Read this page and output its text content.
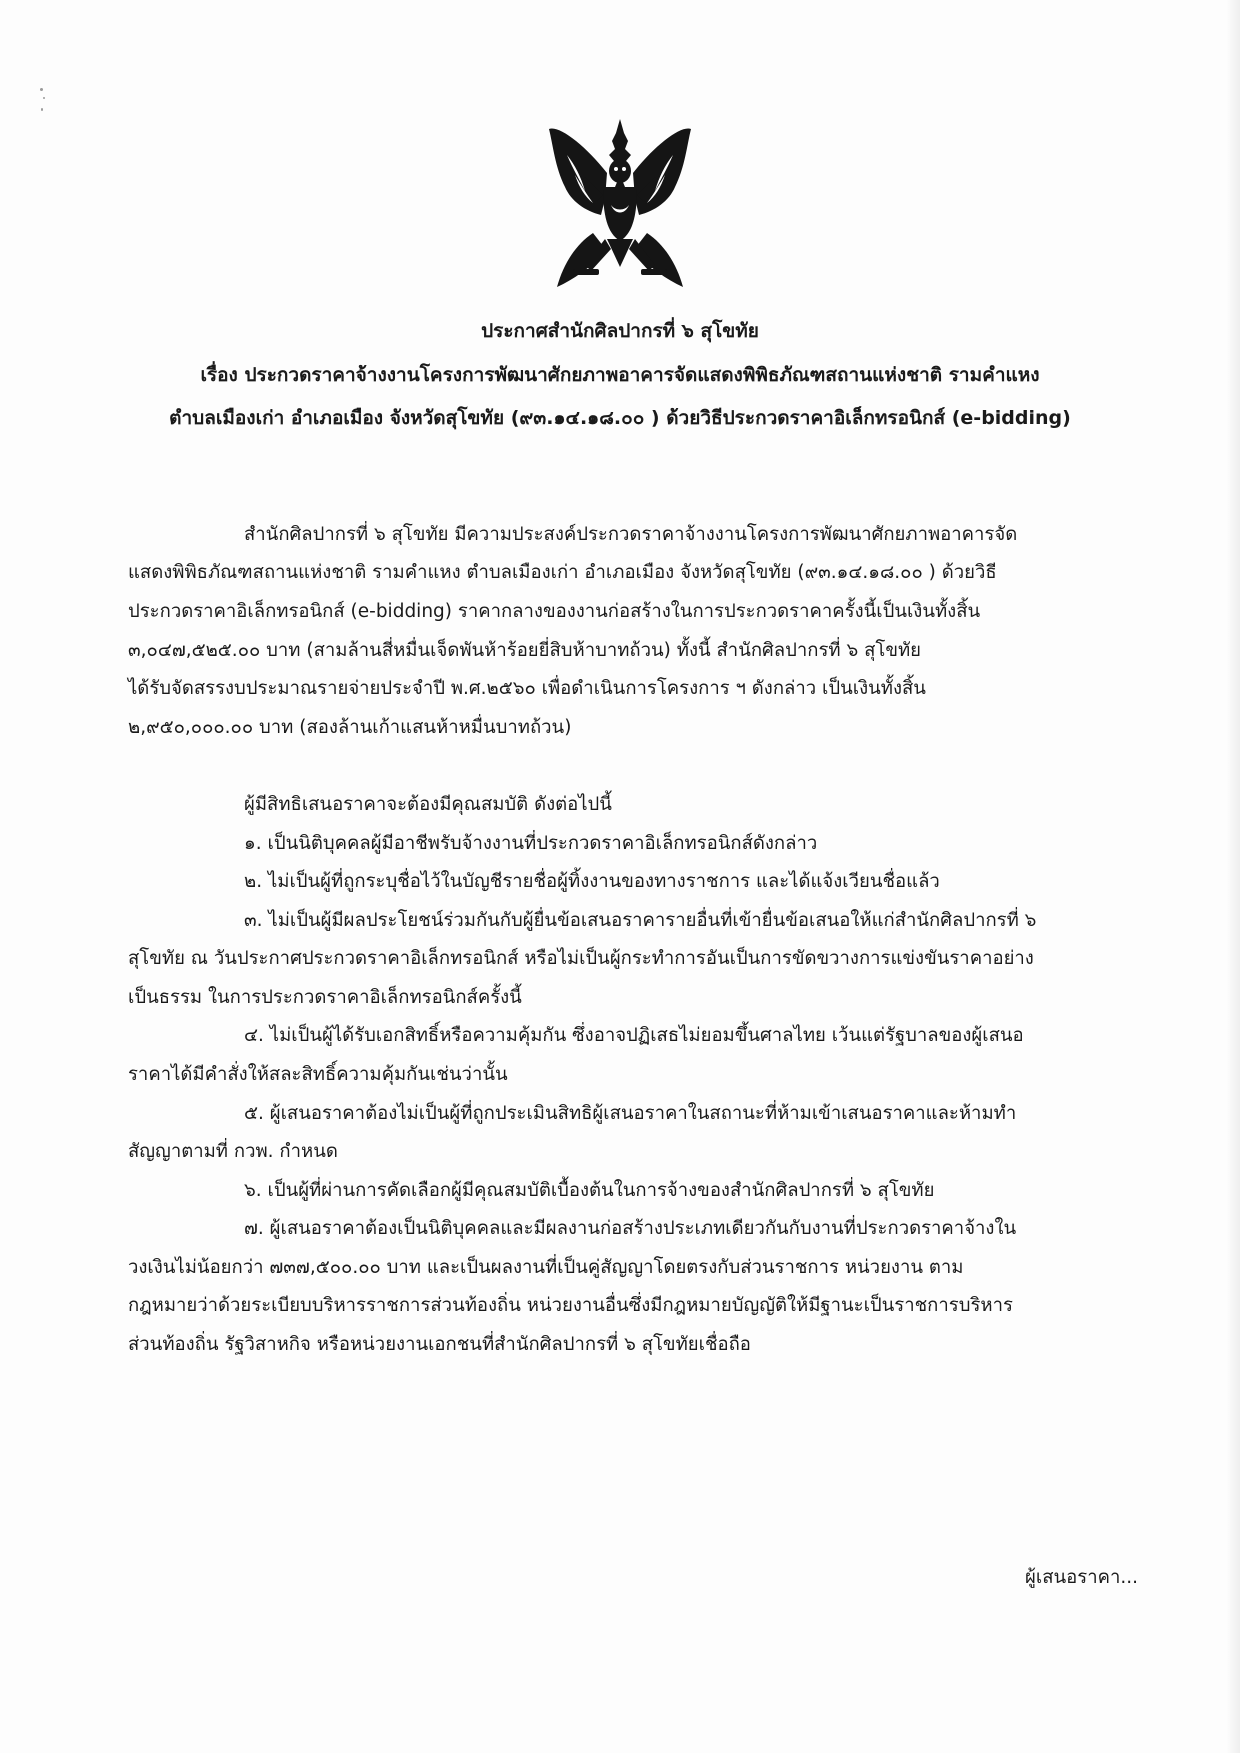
ประกาศสำนักศิลปากรที่ ๖ สุโขทัย
เรื่อง ประกวดราคาจ้างงานโครงการพัฒนาศักยภาพอาคารจัดแสดงพิพิธภัณฑสถานแห่งชาติ รามคำแหง
ตำบลเมืองเก่า อำเภอเมือง จังหวัดสุโขทัย (๙๓.๑๔.๑๘.๐๐ ) ด้วยวิธีประกวดราคาอิเล็กทรอนิกส์ (e-bidding)
สำนักศิลปากรที่ ๖ สุโขทัย มีความประสงค์ประกวดราคาจ้างงานโครงการพัฒนาศักยภาพอาคารจัด
แสดงพิพิธภัณฑสถานแห่งชาติ รามคำแหง ตำบลเมืองเก่า อำเภอเมือง จังหวัดสุโขทัย (๙๓.๑๔.๑๘.๐๐ ) ด้วยวิธี
ประกวดราคาอิเล็กทรอนิกส์ (e-bidding) ราคากลางของงานก่อสร้างในการประกวดราคาครั้งนี้เป็นเงินทั้งสิ้น
๓,๐๔๗,๕๒๕.๐๐ บาท (สามล้านสี่หมื่นเจ็ดพันห้าร้อยยี่สิบห้าบาทถ้วน) ทั้งนี้ สำนักศิลปากรที่ ๖ สุโขทัย
ได้รับจัดสรรงบประมาณรายจ่ายประจำปี พ.ศ.๒๕๖๐ เพื่อดำเนินการโครงการ ฯ ดังกล่าว เป็นเงินทั้งสิ้น
๒,๙๕๐,๐๐๐.๐๐ บาท (สองล้านเก้าแสนห้าหมื่นบาทถ้วน)
ผู้มีสิทธิเสนอราคาจะต้องมีคุณสมบัติ ดังต่อไปนี้
๑. เป็นนิติบุคคลผู้มีอาชีพรับจ้างงานที่ประกวดราคาอิเล็กทรอนิกส์ดังกล่าว
๒. ไม่เป็นผู้ที่ถูกระบุชื่อไว้ในบัญชีรายชื่อผู้ทิ้งงานของทางราชการ และได้แจ้งเวียนชื่อแล้ว
๓. ไม่เป็นผู้มีผลประโยชน์ร่วมกันกับผู้ยื่นข้อเสนอราคารายอื่นที่เข้ายื่นข้อเสนอให้แก่สำนักศิลปากรที่ ๖
สุโขทัย ณ วันประกาศประกวดราคาอิเล็กทรอนิกส์ หรือไม่เป็นผู้กระทำการอันเป็นการขัดขวางการแข่งขันราคาอย่าง
เป็นธรรม ในการประกวดราคาอิเล็กทรอนิกส์ครั้งนี้
๔. ไม่เป็นผู้ได้รับเอกสิทธิ์หรือความคุ้มกัน ซึ่งอาจปฏิเสธไม่ยอมขึ้นศาลไทย เว้นแต่รัฐบาลของผู้เสนอ
ราคาได้มีคำสั่งให้สละสิทธิ์ความคุ้มกันเช่นว่านั้น
๕. ผู้เสนอราคาต้องไม่เป็นผู้ที่ถูกประเมินสิทธิผู้เสนอราคาในสถานะที่ห้ามเข้าเสนอราคาและห้ามทำ
สัญญาตามที่ กวพ. กำหนด
๖. เป็นผู้ที่ผ่านการคัดเลือกผู้มีคุณสมบัติเบื้องต้นในการจ้างของสำนักศิลปากรที่ ๖ สุโขทัย
๗. ผู้เสนอราคาต้องเป็นนิติบุคคลและมีผลงานก่อสร้างประเภทเดียวกันกับงานที่ประกวดราคาจ้างใน
วงเงินไม่น้อยกว่า ๗๓๗,๕๐๐.๐๐ บาท และเป็นผลงานที่เป็นคู่สัญญาโดยตรงกับส่วนราชการ หน่วยงาน ตาม
กฎหมายว่าด้วยระเบียบบริหารราชการส่วนท้องถิ่น หน่วยงานอื่นซึ่งมีกฎหมายบัญญัติให้มีฐานะเป็นราชการบริหาร
ส่วนท้องถิ่น รัฐวิสาหกิจ หรือหน่วยงานเอกชนที่สำนักศิลปากรที่ ๖ สุโขทัยเชื่อถือ
ผู้เสนอราคา...
